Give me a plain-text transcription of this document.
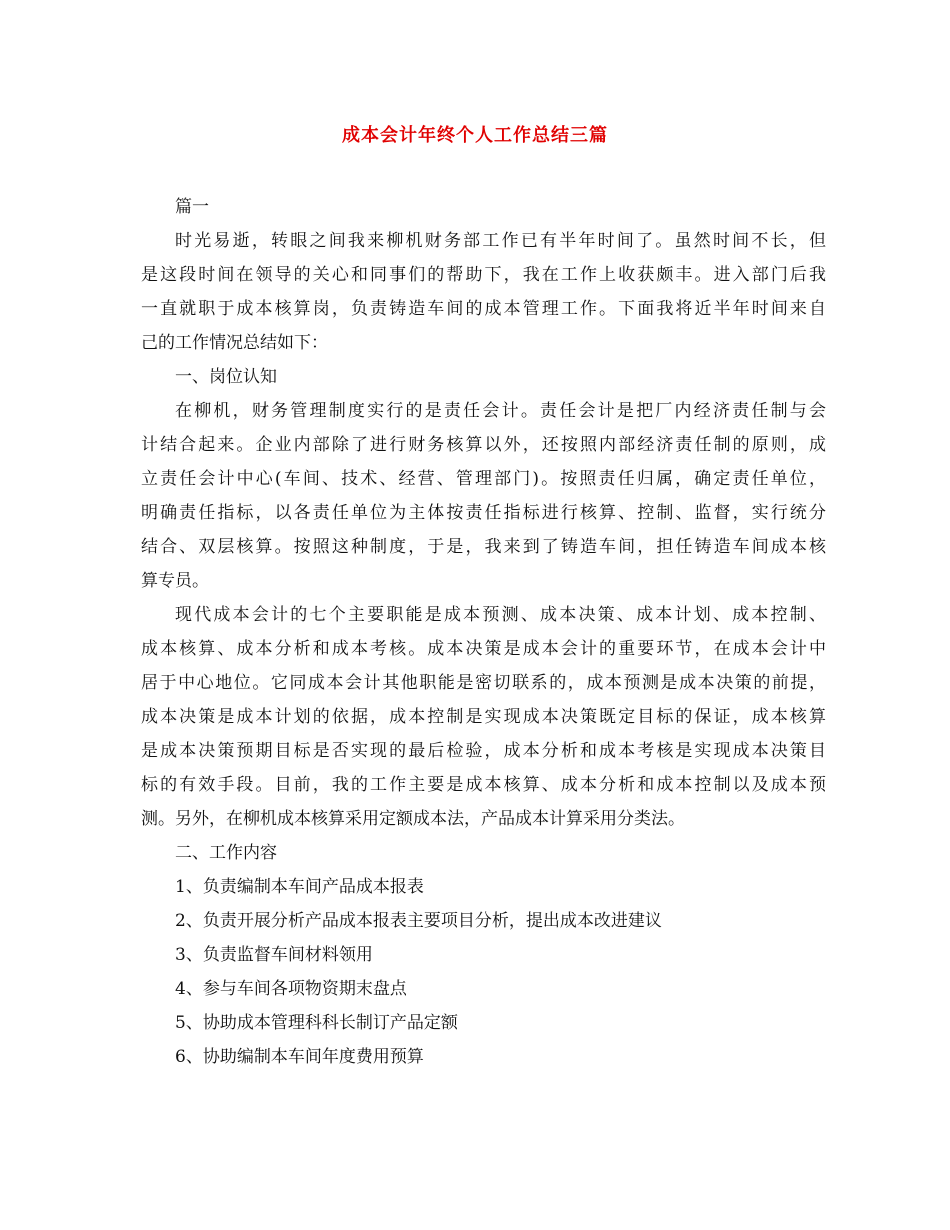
成本会计年终个人工作总结三篇
篇一
时光易逝，转眼之间我来柳机财务部工作已有半年时间了。虽然时间不长，但
是这段时间在领导的关心和同事们的帮助下，我在工作上收获颇丰。进入部门后我
一直就职于成本核算岗，负责铸造车间的成本管理工作。下面我将近半年时间来自
己的工作情况总结如下：
一、岗位认知
在柳机，财务管理制度实行的是责任会计。责任会计是把厂内经济责任制与会
计结合起来。企业内部除了进行财务核算以外，还按照内部经济责任制的原则，成
立责任会计中心(车间、技术、经营、管理部门)。按照责任归属，确定责任单位，
明确责任指标，以各责任单位为主体按责任指标进行核算、控制、监督，实行统分
结合、双层核算。按照这种制度，于是，我来到了铸造车间，担任铸造车间成本核
算专员。
现代成本会计的七个主要职能是成本预测、成本决策、成本计划、成本控制、
成本核算、成本分析和成本考核。成本决策是成本会计的重要环节，在成本会计中
居于中心地位。它同成本会计其他职能是密切联系的，成本预测是成本决策的前提，
成本决策是成本计划的依据，成本控制是实现成本决策既定目标的保证，成本核算
是成本决策预期目标是否实现的最后检验，成本分析和成本考核是实现成本决策目
标的有效手段。目前，我的工作主要是成本核算、成本分析和成本控制以及成本预
测。另外，在柳机成本核算采用定额成本法，产品成本计算采用分类法。
二、工作内容
1、负责编制本车间产品成本报表
2、负责开展分析产品成本报表主要项目分析，提出成本改进建议
3、负责监督车间材料领用
4、参与车间各项物资期末盘点
5、协助成本管理科科长制订产品定额
6、协助编制本车间年度费用预算
